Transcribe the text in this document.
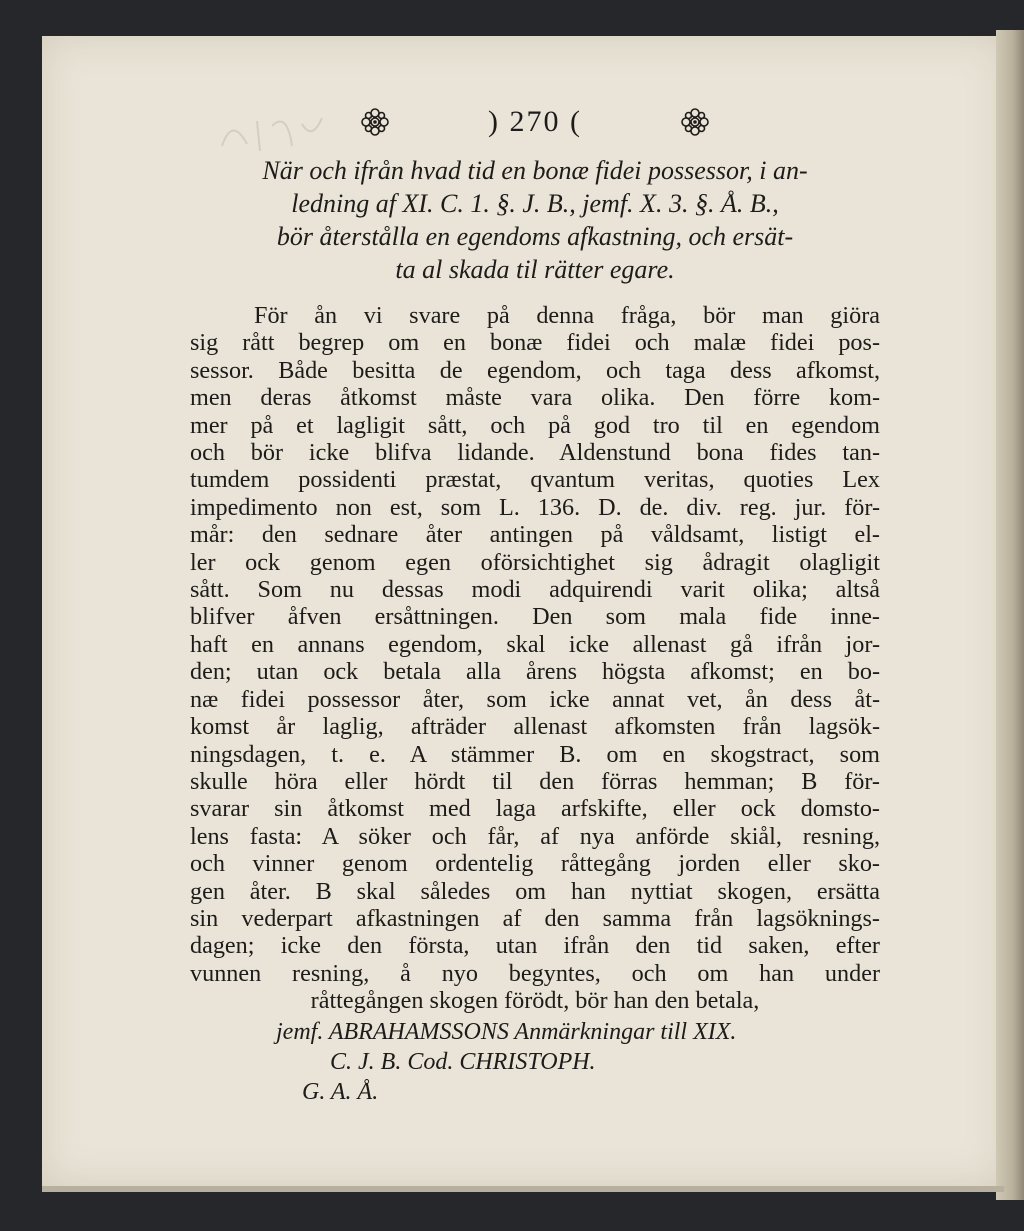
) 270 (
När och ifrån hvad tid en bonæ fidei possessor, i an-
ledning af XI. C. 1. §. J. B., jemf. X. 3. §. Å. B.,
bör återstålla en egendoms afkastning, och ersät-
ta al skada til rätter egare.
För ån vi svare på denna fråga, bör man giöra
sig rått begrep om en bonæ fidei och malæ fidei pos-
sessor. Både besitta de egendom, och taga dess afkomst,
men deras åtkomst måste vara olika. Den förre kom-
mer på et lagligit sått, och på god tro til en egendom
och bör icke blifva lidande. Aldenstund bona fides tan-
tumdem possidenti præstat, qvantum veritas, quoties Lex
impedimento non est, som L. 136. D. de. div. reg. jur. för-
mår: den sednare åter antingen på våldsamt, listigt el-
ler ock genom egen oförsichtighet sig ådragit olagligit
sått. Som nu dessas modi adquirendi varit olika; altså
blifver åfven ersåttningen. Den som mala fide inne-
haft en annans egendom, skal icke allenast gå ifrån jor-
den; utan ock betala alla årens högsta afkomst; en bo-
næ fidei possessor åter, som icke annat vet, ån dess åt-
komst år laglig, afträder allenast afkomsten från lagsök-
ningsdagen, t. e. A stämmer B. om en skogstract, som
skulle höra eller hördt til den förras hemman; B för-
svarar sin åtkomst med laga arfskifte, eller ock domsto-
lens fasta: A söker och får, af nya anförde skiål, resning,
och vinner genom ordentelig råttegång jorden eller sko-
gen åter. B skal således om han nyttiat skogen, ersätta
sin vederpart afkastningen af den samma från lagsöknings-
dagen; icke den första, utan ifrån den tid saken, efter
vunnen resning, å nyo begyntes, och om han under
råttegången skogen förödt, bör han den betala,
jemf. ABRAHAMSSONS Anmärkningar till XIX.
C. J. B. Cod. CHRISTOPH.
G. A. Å.
